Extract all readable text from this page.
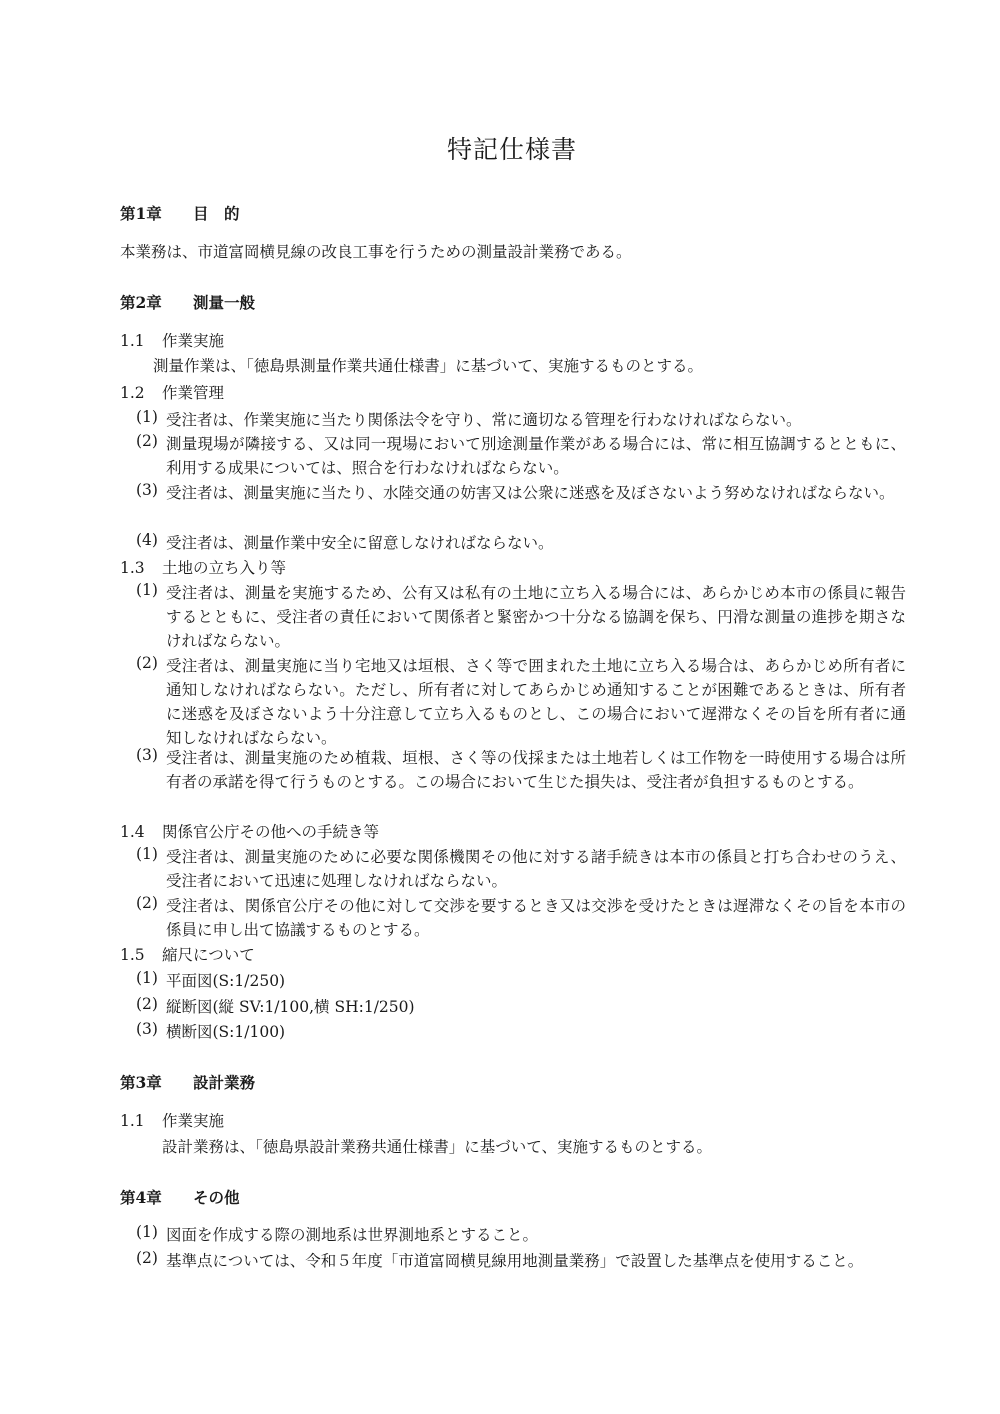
特記仕様書
第1章 目　的
本業務は、市道富岡横見線の改良工事を行うための測量設計業務である。
第2章 測量一般
1.1 作業実施
測量作業は、「徳島県測量作業共通仕様書」に基づいて、実施するものとする。
1.2 作業管理
(1) 受注者は、作業実施に当たり関係法令を守り、常に適切なる管理を行わなければならない。
(2) 測量現場が隣接する、又は同一現場において別途測量作業がある場合には、常に相互協調するとともに、利用する成果については、照合を行わなければならない。
(3) 受注者は、測量実施に当たり、水陸交通の妨害又は公衆に迷惑を及ぼさないよう努めなければならない。
(4) 受注者は、測量作業中安全に留意しなければならない。
1.3 土地の立ち入り等
(1) 受注者は、測量を実施するため、公有又は私有の土地に立ち入る場合には、あらかじめ本市の係員に報告するとともに、受注者の責任において関係者と緊密かつ十分なる協調を保ち、円滑な測量の進捗を期さなければならない。
(2) 受注者は、測量実施に当り宅地又は垣根、さく等で囲まれた土地に立ち入る場合は、あらかじめ所有者に通知しなければならない。ただし、所有者に対してあらかじめ通知することが困難であるときは、所有者に迷惑を及ぼさないよう十分注意して立ち入るものとし、この場合において遅滞なくその旨を所有者に通知しなければならない。
(3) 受注者は、測量実施のため植栽、垣根、さく等の伐採または土地若しくは工作物を一時使用する場合は所有者の承諾を得て行うものとする。この場合において生じた損失は、受注者が負担するものとする。
1.4 関係官公庁その他への手続き等
(1) 受注者は、測量実施のために必要な関係機関その他に対する諸手続きは本市の係員と打ち合わせのうえ、受注者において迅速に処理しなければならない。
(2) 受注者は、関係官公庁その他に対して交渉を要するとき又は交渉を受けたときは遅滞なくその旨を本市の係員に申し出て協議するものとする。
1.5 縮尺について
(1) 平面図(S:1/250)
(2) 縦断図(縦 SV:1/100,横 SH:1/250)
(3) 横断図(S:1/100)
第3章 設計業務
1.1 作業実施
設計業務は、「徳島県設計業務共通仕様書」に基づいて、実施するものとする。
第4章 その他
(1) 図面を作成する際の測地系は世界測地系とすること。
(2) 基準点については、令和５年度「市道富岡横見線用地測量業務」で設置した基準点を使用すること。
